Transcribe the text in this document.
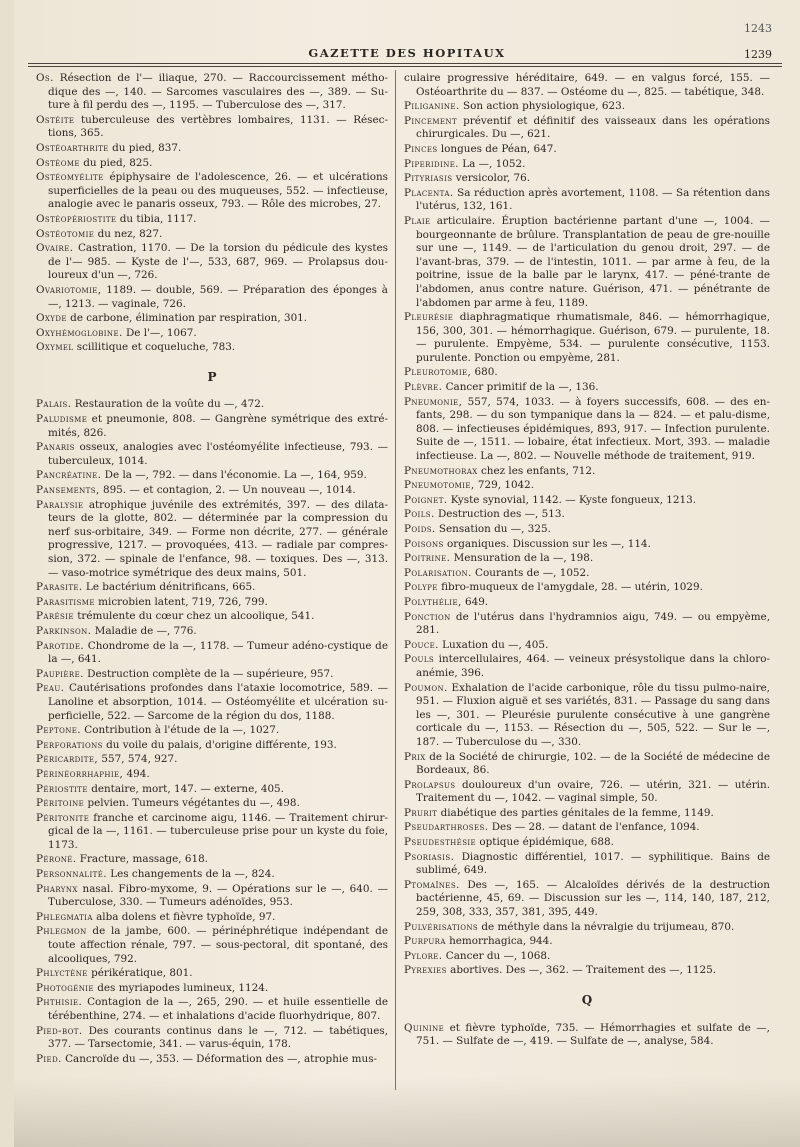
1243
GAZETTE DES HOPITAUX	1239

Os. Résection de l'— iliaque, 270. — Raccourcissement métho-dique des —, 140. — Sarcomes vasculaires des —, 389. — Su-ture à fil perdu des —, 1195. — Tuberculose des —, 317.

Ostéite tuberculeuse des vertèbres lombaires, 1131. — Résec-tions, 365.

Ostéoarthrite du pied, 837.

Ostéome du pied, 825.

Ostéomyélite épiphysaire de l'adolescence, 26. — et ulcérations superficielles de la peau ou des muqueuses, 552. — infectieuse, analogie avec le panaris osseux, 793. — Rôle des microbes, 27.

Ostéopériostite du tibia, 1117.

Ostéotomie du nez, 827.

Ovaire. Castration, 1170. — De la torsion du pédicule des kystes de l'— 985. — Kyste de l'—, 533, 687, 969. — Prolapsus dou-loureux d'un —, 726.

Ovariotomie, 1189. — double, 569. — Préparation des éponges à —, 1213. — vaginale, 726.

Oxyde de carbone, élimination par respiration, 301.

Oxyhémoglobine. De l'—, 1067.

Oxymel scillitique et coqueluche, 783.

P

Palais. Restauration de la voûte du —, 472.

Paludisme et pneumonie, 808. — Gangrène symétrique des extré-mités, 826.

Panaris osseux, analogies avec l'ostéomyélite infectieuse, 793. — tuberculeux, 1014.

Pancréatine. De la —, 792. — dans l'économie. La —, 164, 959.

Pansements, 895. — et contagion, 2. — Un nouveau —, 1014.

Paralysie atrophique juvénile des extrémités, 397. — des dilata-teurs de la glotte, 802. — déterminée par la compression du nerf sus-orbitaire, 349. — Forme non décrite, 277. — générale progressive, 1217. — provoquées, 413. — radiale par compres-sion, 372. — spinale de l'enfance, 98. — toxiques. Des —, 313. — vaso-motrice symétrique des deux mains, 501.

Parasite. Le bactérium dénitrificans, 665.

Parasitisme microbien latent, 719, 726, 799.

Parésie trémulente du cœur chez un alcoolique, 541.

Parkinson. Maladie de —, 776.

Parotide. Chondrome de la —, 1178. — Tumeur adéno-cystique de la —, 641.

Paupière. Destruction complète de la — supérieure, 957.

Peau. Cautérisations profondes dans l'ataxie locomotrice, 589. — Lanoline et absorption, 1014. — Ostéomyélite et ulcération su-perficielle, 522. — Sarcome de la région du dos, 1188.

Peptone. Contribution à l'étude de la —, 1027.

Perforations du voile du palais, d'origine différente, 193.

Péricardite, 557, 574, 927.

Périnéorrhaphie, 494.

Périostite dentaire, mort, 147. — externe, 405.

Péritoine pelvien. Tumeurs végétantes du —, 498.

Péritonite franche et carcinome aigu, 1146. — Traitement chirur-gical de la —, 1161. — tuberculeuse prise pour un kyste du foie, 1173.

Péroné. Fracture, massage, 618.

Personnalité. Les changements de la —, 824.

Pharynx nasal. Fibro-myxome, 9. — Opérations sur le —, 640. — Tuberculose, 330. — Tumeurs adénoïdes, 953.

Phlegmatia alba dolens et fièvre typhoïde, 97.

Phlegmon de la jambe, 600. — périnéphrétique indépendant de toute affection rénale, 797. — sous-pectoral, dit spontané, des alcooliques, 792.

Phlyctène périkératique, 801.

Photogénie des myriapodes lumineux, 1124.

Phthisie. Contagion de la —, 265, 290. — et huile essentielle de térébenthine, 274. — et inhalations d'acide fluorhydrique, 807.

Pied-bot. Des courants continus dans le —, 712. — tabétiques, 377. — Tarsectomie, 341. — varus-équin, 178.

Pied. Cancroïde du —, 353. — Déformation des —, atrophie mus-

culaire progressive héréditaire, 649. — en valgus forcé, 155. — Ostéoarthrite du — 837. — Ostéome du —, 825. — tabétique, 348.

Piliganine. Son action physiologique, 623.

Pincement préventif et définitif des vaisseaux dans les opérations chirurgicales. Du —, 621.

Pinces longues de Péan, 647.

Piperidine. La —, 1052.

Pityriasis versicolor, 76.

Placenta. Sa réduction après avortement, 1108. — Sa rétention dans l'utérus, 132, 161.

Plaie articulaire. Éruption bactérienne partant d'une —, 1004. — bourgeonnante de brûlure. Transplantation de peau de gre-nouille sur une —, 1149. — de l'articulation du genou droit, 297. — de l'avant-bras, 379. — de l'intestin, 1011. — par arme à feu, de la poitrine, issue de la balle par le larynx, 417. — péné-trante de l'abdomen, anus contre nature. Guérison, 471. — pénétrante de l'abdomen par arme à feu, 1189.

Pleurésie diaphragmatique rhumatismale, 846. — hémorrhagique, 156, 300, 301. — hémorrhagique. Guérison, 679. — purulente, 18. — purulente. Empyème, 534. — purulente consécutive, 1153. purulente. Ponction ou empyème, 281.

Pleurotomie, 680.

Plèvre. Cancer primitif de la —, 136.

Pneumonie, 557, 574, 1033. — à foyers successifs, 608. — des en-fants, 298. — du son tympanique dans la — 824. — et palu-disme, 808. — infectieuses épidémiques, 893, 917. — Infection purulente. Suite de —, 1511. — lobaire, état infectieux. Mort, 393. — maladie infectieuse. La —, 802. — Nouvelle méthode de traitement, 919.

Pneumothorax chez les enfants, 712.

Pneumotomie, 729, 1042.

Poignet. Kyste synovial, 1142. — Kyste fongueux, 1213.

Poils. Destruction des —, 513.

Poids. Sensation du —, 325.

Poisons organiques. Discussion sur les —, 114.

Poitrine. Mensuration de la —, 198.

Polarisation. Courants de —, 1052.

Polype fibro-muqueux de l'amygdale, 28. — utérin, 1029.

Polythélie, 649.

Ponction de l'utérus dans l'hydramnios aigu, 749. — ou empyème, 281.

Pouce. Luxation du —, 405.

Pouls intercellulaires, 464. — veineux présystolique dans la chloro-anémie, 396.

Poumon. Exhalation de l'acide carbonique, rôle du tissu pulmo-naire, 951. — Fluxion aiguë et ses variétés, 831. — Passage du sang dans les —, 301. — Pleurésie purulente consécutive à une gangrène corticale du —, 1153. — Résection du —, 505, 522. — Sur le —, 187. — Tuberculose du —, 330.

Prix de la Société de chirurgie, 102. — de la Société de médecine de Bordeaux, 86.

Prolapsus douloureux d'un ovaire, 726. — utérin, 321. — utérin. Traitement du —, 1042. — vaginal simple, 50.

Prurit diabétique des parties génitales de la femme, 1149.

Pseudarthroses. Des — 28. — datant de l'enfance, 1094.

Pseudesthésie optique épidémique, 688.

Psoriasis. Diagnostic différentiel, 1017. — syphilitique. Bains de sublimé, 649.

Ptomaïnes. Des —, 165. — Alcaloïdes dérivés de la destruction bactérienne, 45, 69. — Discussion sur les —, 114, 140, 187, 212, 259, 308, 333, 357, 381, 395, 449.

Pulvérisations de méthyle dans la névralgie du trijumeau, 870.

Purpura hemorrhagica, 944.

Pylore. Cancer du —, 1068.

Pyrexies abortives. Des —, 362. — Traitement des —, 1125.

Q

Quinine et fièvre typhoïde, 735. — Hémorrhagies et sulfate de —, 751. — Sulfate de —, 419. — Sulfate de —, analyse, 584.
